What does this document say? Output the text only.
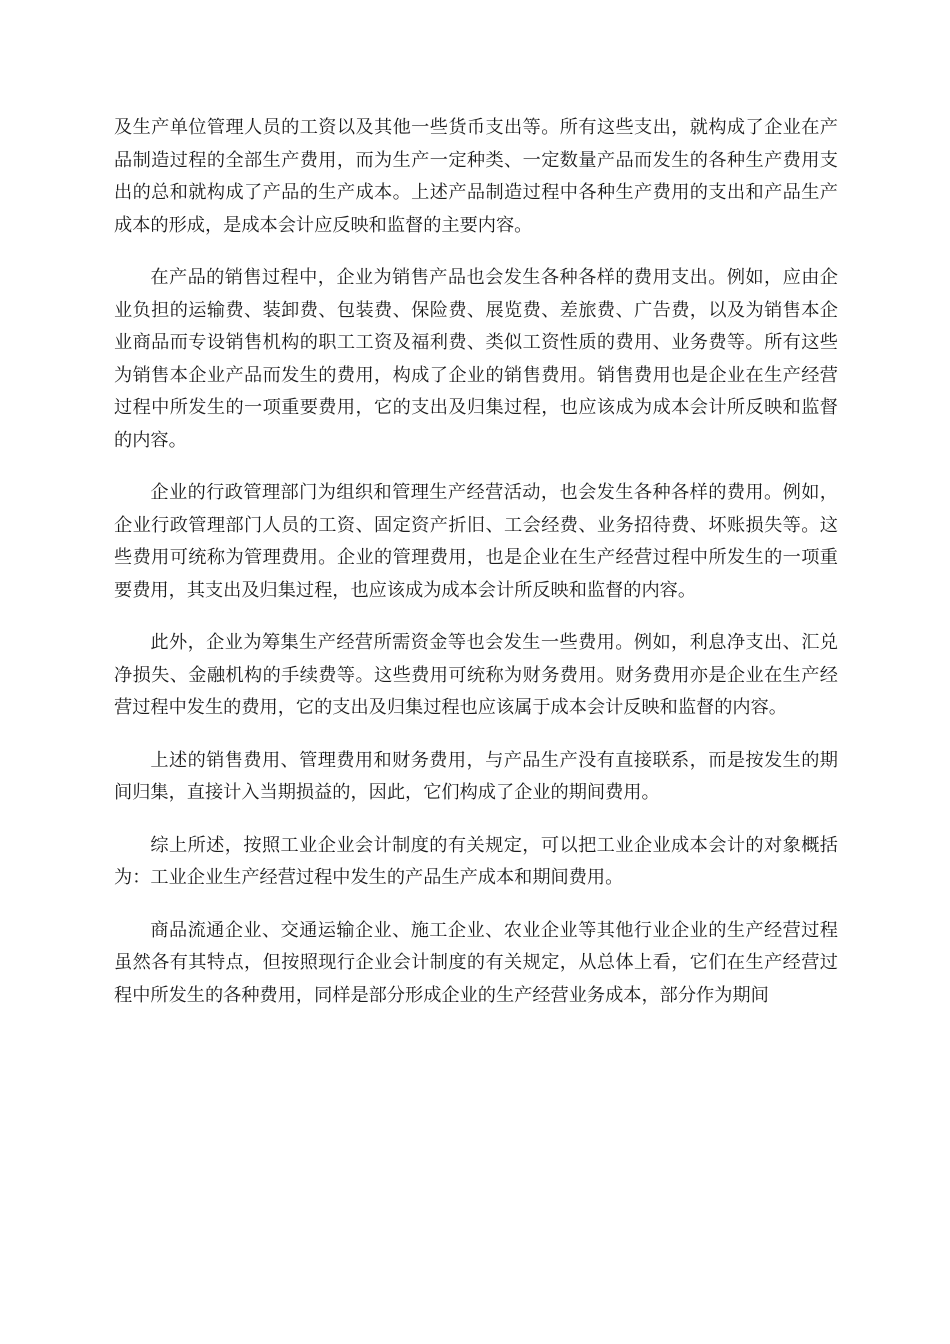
及生产单位管理人员的工资以及其他一些货币支出等。所有这些支出，就构成了企业在产品制造过程的全部生产费用，而为生产一定种类、一定数量产品而发生的各种生产费用支出的总和就构成了产品的生产成本。上述产品制造过程中各种生产费用的支出和产品生产成本的形成，是成本会计应反映和监督的主要内容。

在产品的销售过程中，企业为销售产品也会发生各种各样的费用支出。例如，应由企业负担的运输费、装卸费、包装费、保险费、展览费、差旅费、广告费，以及为销售本企业商品而专设销售机构的职工工资及福利费、类似工资性质的费用、业务费等。所有这些为销售本企业产品而发生的费用，构成了企业的销售费用。销售费用也是企业在生产经营过程中所发生的一项重要费用，它的支出及归集过程，也应该成为成本会计所反映和监督的内容。

企业的行政管理部门为组织和管理生产经营活动，也会发生各种各样的费用。例如，企业行政管理部门人员的工资、固定资产折旧、工会经费、业务招待费、坏账损失等。这些费用可统称为管理费用。企业的管理费用，也是企业在生产经营过程中所发生的一项重要费用，其支出及归集过程，也应该成为成本会计所反映和监督的内容。

此外，企业为筹集生产经营所需资金等也会发生一些费用。例如，利息净支出、汇兑净损失、金融机构的手续费等。这些费用可统称为财务费用。财务费用亦是企业在生产经营过程中发生的费用，它的支出及归集过程也应该属于成本会计反映和监督的内容。

上述的销售费用、管理费用和财务费用，与产品生产没有直接联系，而是按发生的期间归集，直接计入当期损益的，因此，它们构成了企业的期间费用。

综上所述，按照工业企业会计制度的有关规定，可以把工业企业成本会计的对象概括为：工业企业生产经营过程中发生的产品生产成本和期间费用。

商品流通企业、交通运输企业、施工企业、农业企业等其他行业企业的生产经营过程虽然各有其特点，但按照现行企业会计制度的有关规定，从总体上看，它们在生产经营过程中所发生的各种费用，同样是部分形成企业的生产经营业务成本，部分作为期间
